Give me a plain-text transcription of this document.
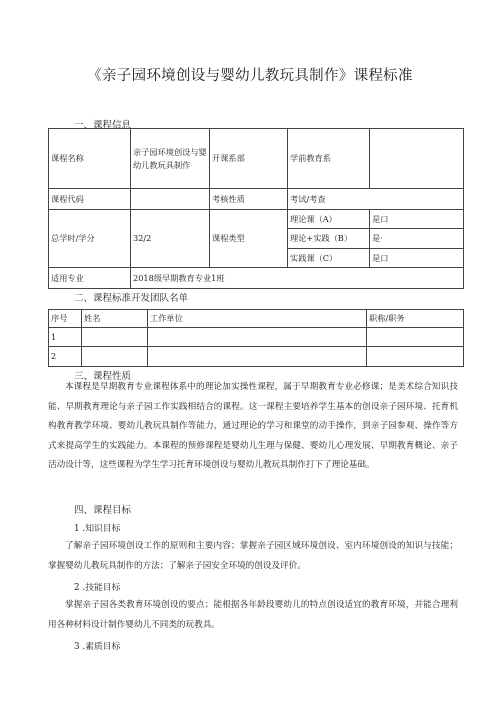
《亲子园环境创设与婴幼儿教玩具制作》课程标准
一、课程信息
课程名称	亲子园环境创设与婴幼儿教玩具制作	开课系部	学前教育系	
课程代码		考核性质	考试/考查	
总学时/学分	32/2	课程类型	理论课（A）	是口
			理论+实践（B）	是·
			实践课（C）	是口
适用专业	2018级早期教育专业1班			
二、课程标准开发团队名单
序号	姓名	工作单位	职称/职务
1			
2			
三、课程性质
本课程是早期教育专业课程体系中的理论加实操性课程，属于早期教育专业必修课；是美术综合知识技能、早期教育理论与亲子园工作实践相结合的课程。这一课程主要培养学生基本的创设亲子园环境、托育机构教育教学环境、婴幼儿教玩具制作等能力，通过理论的学习和课堂的动手操作，到亲子园参观、操作等方式来提高学生的实践能力。本课程的预修课程是婴幼儿生理与保健、婴幼儿心理发展、早期教育概论、亲子活动设计等，这些课程为学生学习托育环境创设与婴幼儿教玩具制作打下了理论基础。
四、课程目标
1 .知识目标
了解亲子园环境创设工作的原则和主要内容；掌握亲子园区域环境创设、室内环境创设的知识与技能；掌握婴幼儿教玩具制作的方法；了解亲子园安全环境的创设及评价。
2 .技能目标
掌握亲子园各类教育环境创设的要点；能根据各年龄段婴幼儿的特点创设适宜的教育环境，并能合理利用各种材料设计制作婴幼儿不同类的玩教具。
3 .素质目标
